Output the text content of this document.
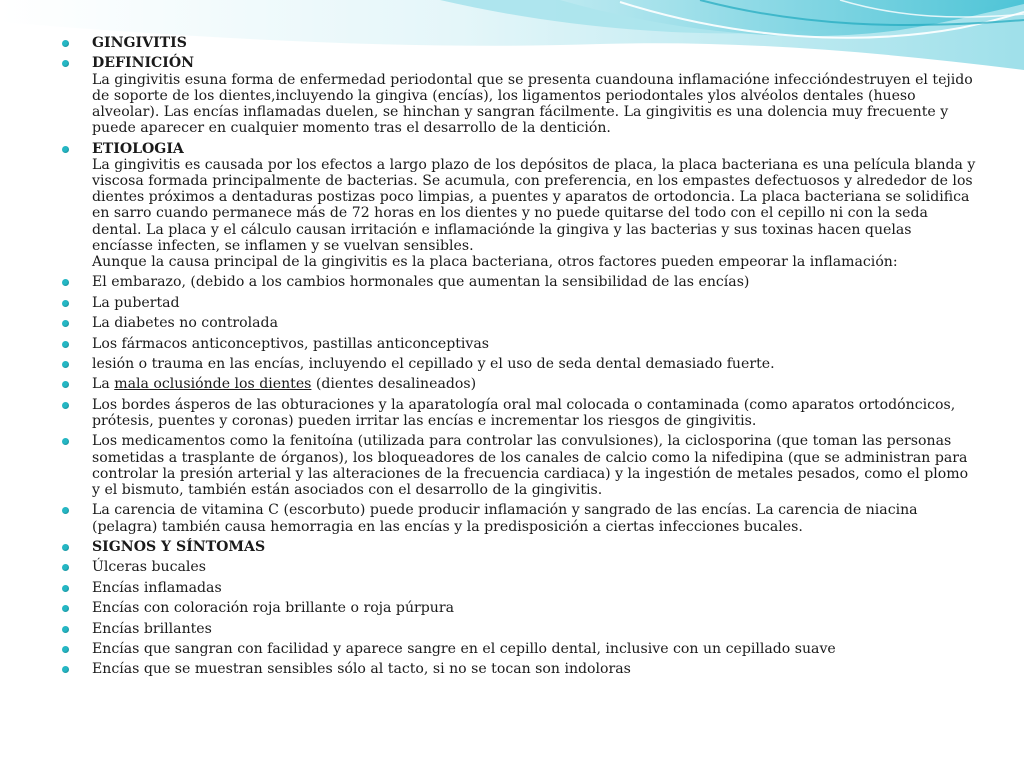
GINGIVITIS
DEFINICIÓN
La gingivitis esuna forma de enfermedad periodontal que se presenta cuandouna inflamacióne infeccióndestruyen el tejido de soporte de los dientes,incluyendo la gingiva (encías), los ligamentos periodontales ylos alvéolos dentales (hueso alveolar). Las encías inflamadas duelen, se hinchan y sangran fácilmente. La gingivitis es una dolencia muy frecuente y puede aparecer en cualquier momento tras el desarrollo de la dentición.
ETIOLOGIA
La gingivitis es causada por los efectos a largo plazo de los depósitos de placa, la placa bacteriana es una película blanda y viscosa formada principalmente de bacterias. Se acumula, con preferencia, en los empastes defectuosos y alrededor de los dientes próximos a dentaduras postizas poco limpias, a puentes y aparatos de ortodoncia. La placa bacteriana se solidifica en sarro cuando permanece más de 72 horas en los dientes y no puede quitarse del todo con el cepillo ni con la seda dental. La placa y el cálculo causan irritación e inflamaciónde la gingiva y las bacterias y sus toxinas hacen quelas encíasse infecten, se inflamen y se vuelvan sensibles.
Aunque la causa principal de la gingivitis es la placa bacteriana, otros factores pueden empeorar la inflamación:
El embarazo, (debido a los cambios hormonales que aumentan la sensibilidad de las encías)
La pubertad
La diabetes no controlada
Los fármacos anticonceptivos, pastillas anticonceptivas
lesión o trauma en las encías, incluyendo el cepillado y el uso de seda dental demasiado fuerte.
La mala oclusiónde los dientes (dientes desalineados)
Los bordes ásperos de las obturaciones y la aparatología oral mal colocada o contaminada (como aparatos ortodóncicos, prótesis, puentes y coronas) pueden irritar las encías e incrementar los riesgos de gingivitis.
Los medicamentos como la fenitoína (utilizada para controlar las convulsiones), la ciclosporina (que toman las personas sometidas a trasplante de órganos), los bloqueadores de los canales de calcio como la nifedipina (que se administran para controlar la presión arterial y las alteraciones de la frecuencia cardiaca) y la ingestión de metales pesados, como el plomo y el bismuto, también están asociados con el desarrollo de la gingivitis.
La carencia de vitamina C (escorbuto) puede producir inflamación y sangrado de las encías. La carencia de niacina (pelagra) también causa hemorragia en las encías y la predisposición a ciertas infecciones bucales.
SIGNOS Y SÍNTOMAS
Úlceras bucales
Encías inflamadas
Encías con coloración roja brillante o roja púrpura
Encías brillantes
Encías que sangran con facilidad y aparece sangre en el cepillo dental, inclusive con un cepillado suave
Encías que se muestran sensibles sólo al tacto, si no se tocan son indoloras
